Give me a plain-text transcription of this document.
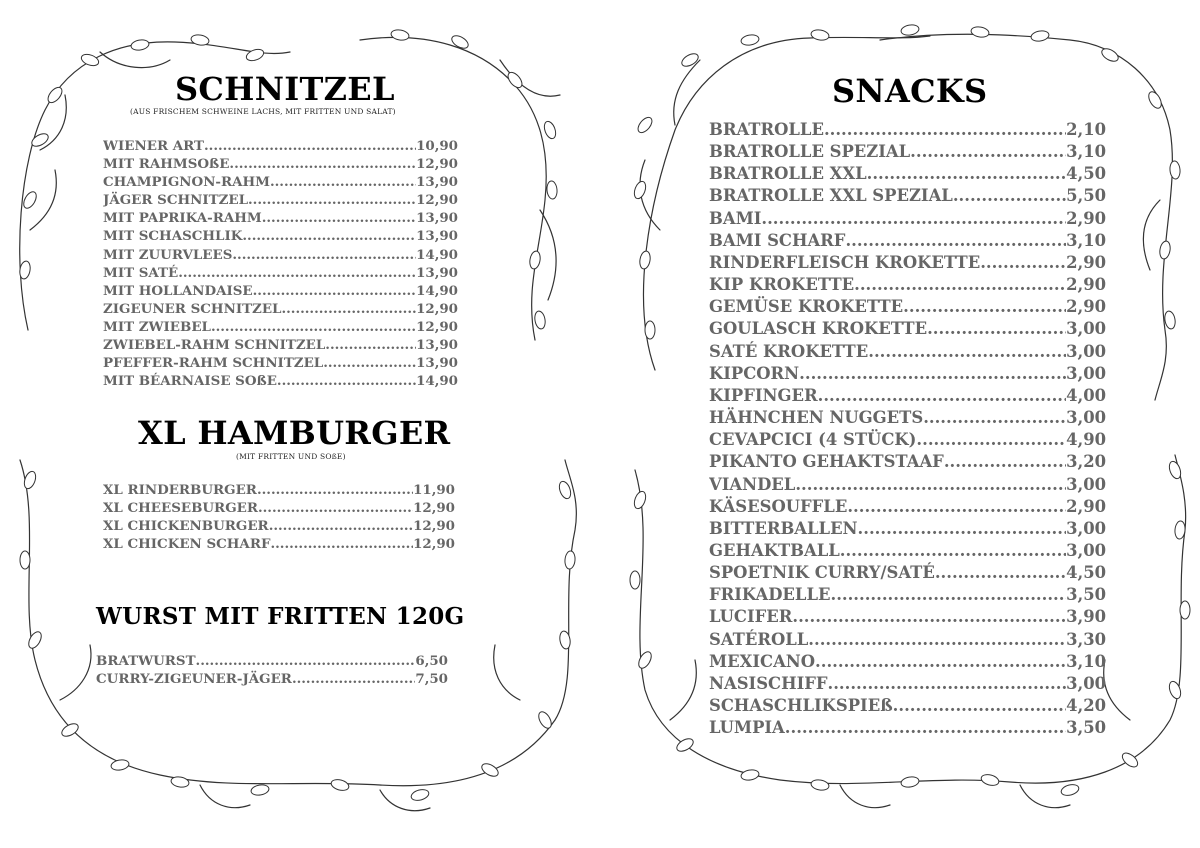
SCHNITZEL

(AUS FRISCHEM SCHWEINE LACHS, MIT FRITTEN UND SALAT)

WIENER ART .....	10,90
MIT RAHMSOßE .....	12,90
CHAMPIGNON-RAHM .....	13,90
JÄGER SCHNITZEL .....	12,90
MIT PAPRIKA-RAHM .....	13,90
MIT SCHASCHLIK .....	13,90
MIT ZUURVLEES .....	14,90
MIT SATÉ .....	13,90
MIT HOLLANDAISE .....	14,90
ZIGEUNER SCHNITZEL .....	12,90
MIT ZWIEBEL .....	12,90
ZWIEBEL-RAHM SCHNITZEL .....	13,90
PFEFFER-RAHM SCHNITZEL .....	13,90
MIT BÉARNAISE SOßE .....	14,90
XL HAMBURGER

(MIT FRITTEN UND SOßE)

XL RINDERBURGER .....	11,90
XL CHEESEBURGER .....	12,90
XL CHICKENBURGER .....	12,90
XL CHICKEN SCHARF .....	12,90
WURST MIT FRITTEN 120G
BRATWURST .....	6,50
CURRY-ZIGEUNER-JÄGER .....	7,50
SNACKS
BRATROLLE .....	2,10
BRATROLLE SPEZIAL .....	3,10
BRATROLLE XXL .....	4,50
BRATROLLE XXL SPEZIAL .....	5,50
BAMI .....	2,90
BAMI SCHARF .....	3,10
RINDERFLEISCH KROKETTE .....	2,90
KIP KROKETTE .....	2,90
GEMÜSE KROKETTE .....	2,90
GOULASCH KROKETTE .....	3,00
SATÉ KROKETTE .....	3,00
KIPCORN .....	3,00
KIPFINGER .....	4,00
HÄHNCHEN NUGGETS .....	3,00
CEVAPCICI (4 STÜCK) .....	4,90
PIKANTO GEHAKTSTAAF .....	3,20
VIANDEL .....	3,00
KÄSESOUFFLE .....	2,90
BITTERBALLEN .....	3,00
GEHAKTBALL .....	3,00
SPOETNIK CURRY/SATÉ .....	4,50
FRIKADELLE .....	3,50
LUCIFER .....	3,90
SATÉROLL .....	3,30
MEXICANO .....	3,10
NASISCHIFF .....	3,00
SCHASCHLIKSPIEß .....	4,20
LUMPIA .....	3,50
